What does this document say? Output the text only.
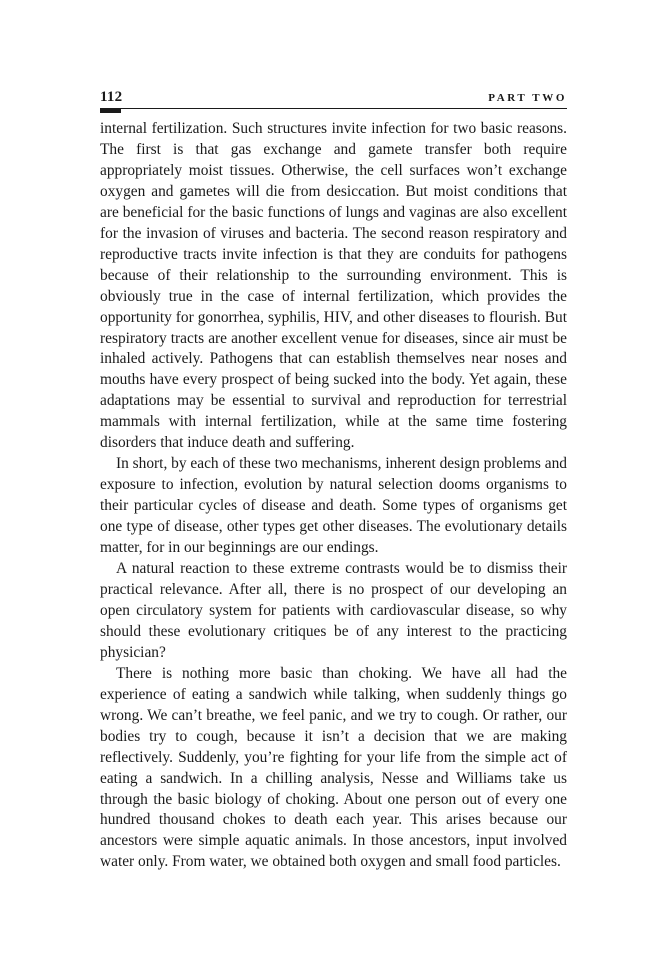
112	PART TWO

internal fertilization. Such structures invite infection for two basic reasons. The first is that gas exchange and gamete transfer both require appropriately moist tissues. Otherwise, the cell surfaces won’t exchange oxygen and gametes will die from desiccation. But moist conditions that are beneficial for the basic functions of lungs and vaginas are also excellent for the invasion of viruses and bacteria. The second reason respiratory and reproductive tracts invite infection is that they are conduits for pathogens because of their relationship to the surrounding environment. This is obviously true in the case of internal fertilization, which provides the opportunity for gonorrhea, syphilis, HIV, and other diseases to flourish. But respiratory tracts are another excellent venue for diseases, since air must be inhaled actively. Pathogens that can establish themselves near noses and mouths have every prospect of being sucked into the body. Yet again, these adaptations may be essential to survival and reproduction for terrestrial mammals with internal fertilization, while at the same time fostering disorders that induce death and suffering.

In short, by each of these two mechanisms, inherent design problems and exposure to infection, evolution by natural selection dooms organisms to their particular cycles of disease and death. Some types of organisms get one type of disease, other types get other diseases. The evolutionary details matter, for in our beginnings are our endings.

A natural reaction to these extreme contrasts would be to dismiss their practical relevance. After all, there is no prospect of our developing an open circulatory system for patients with cardiovascular disease, so why should these evolutionary critiques be of any interest to the practicing physician?

There is nothing more basic than choking. We have all had the experience of eating a sandwich while talking, when suddenly things go wrong. We can’t breathe, we feel panic, and we try to cough. Or rather, our bodies try to cough, because it isn’t a decision that we are making reflectively. Suddenly, you’re fighting for your life from the simple act of eating a sandwich. In a chilling analysis, Nesse and Williams take us through the basic biology of choking. About one person out of every one hundred thousand chokes to death each year. This arises because our ancestors were simple aquatic animals. In those ancestors, input involved water only. From water, we obtained both oxygen and small food particles.
